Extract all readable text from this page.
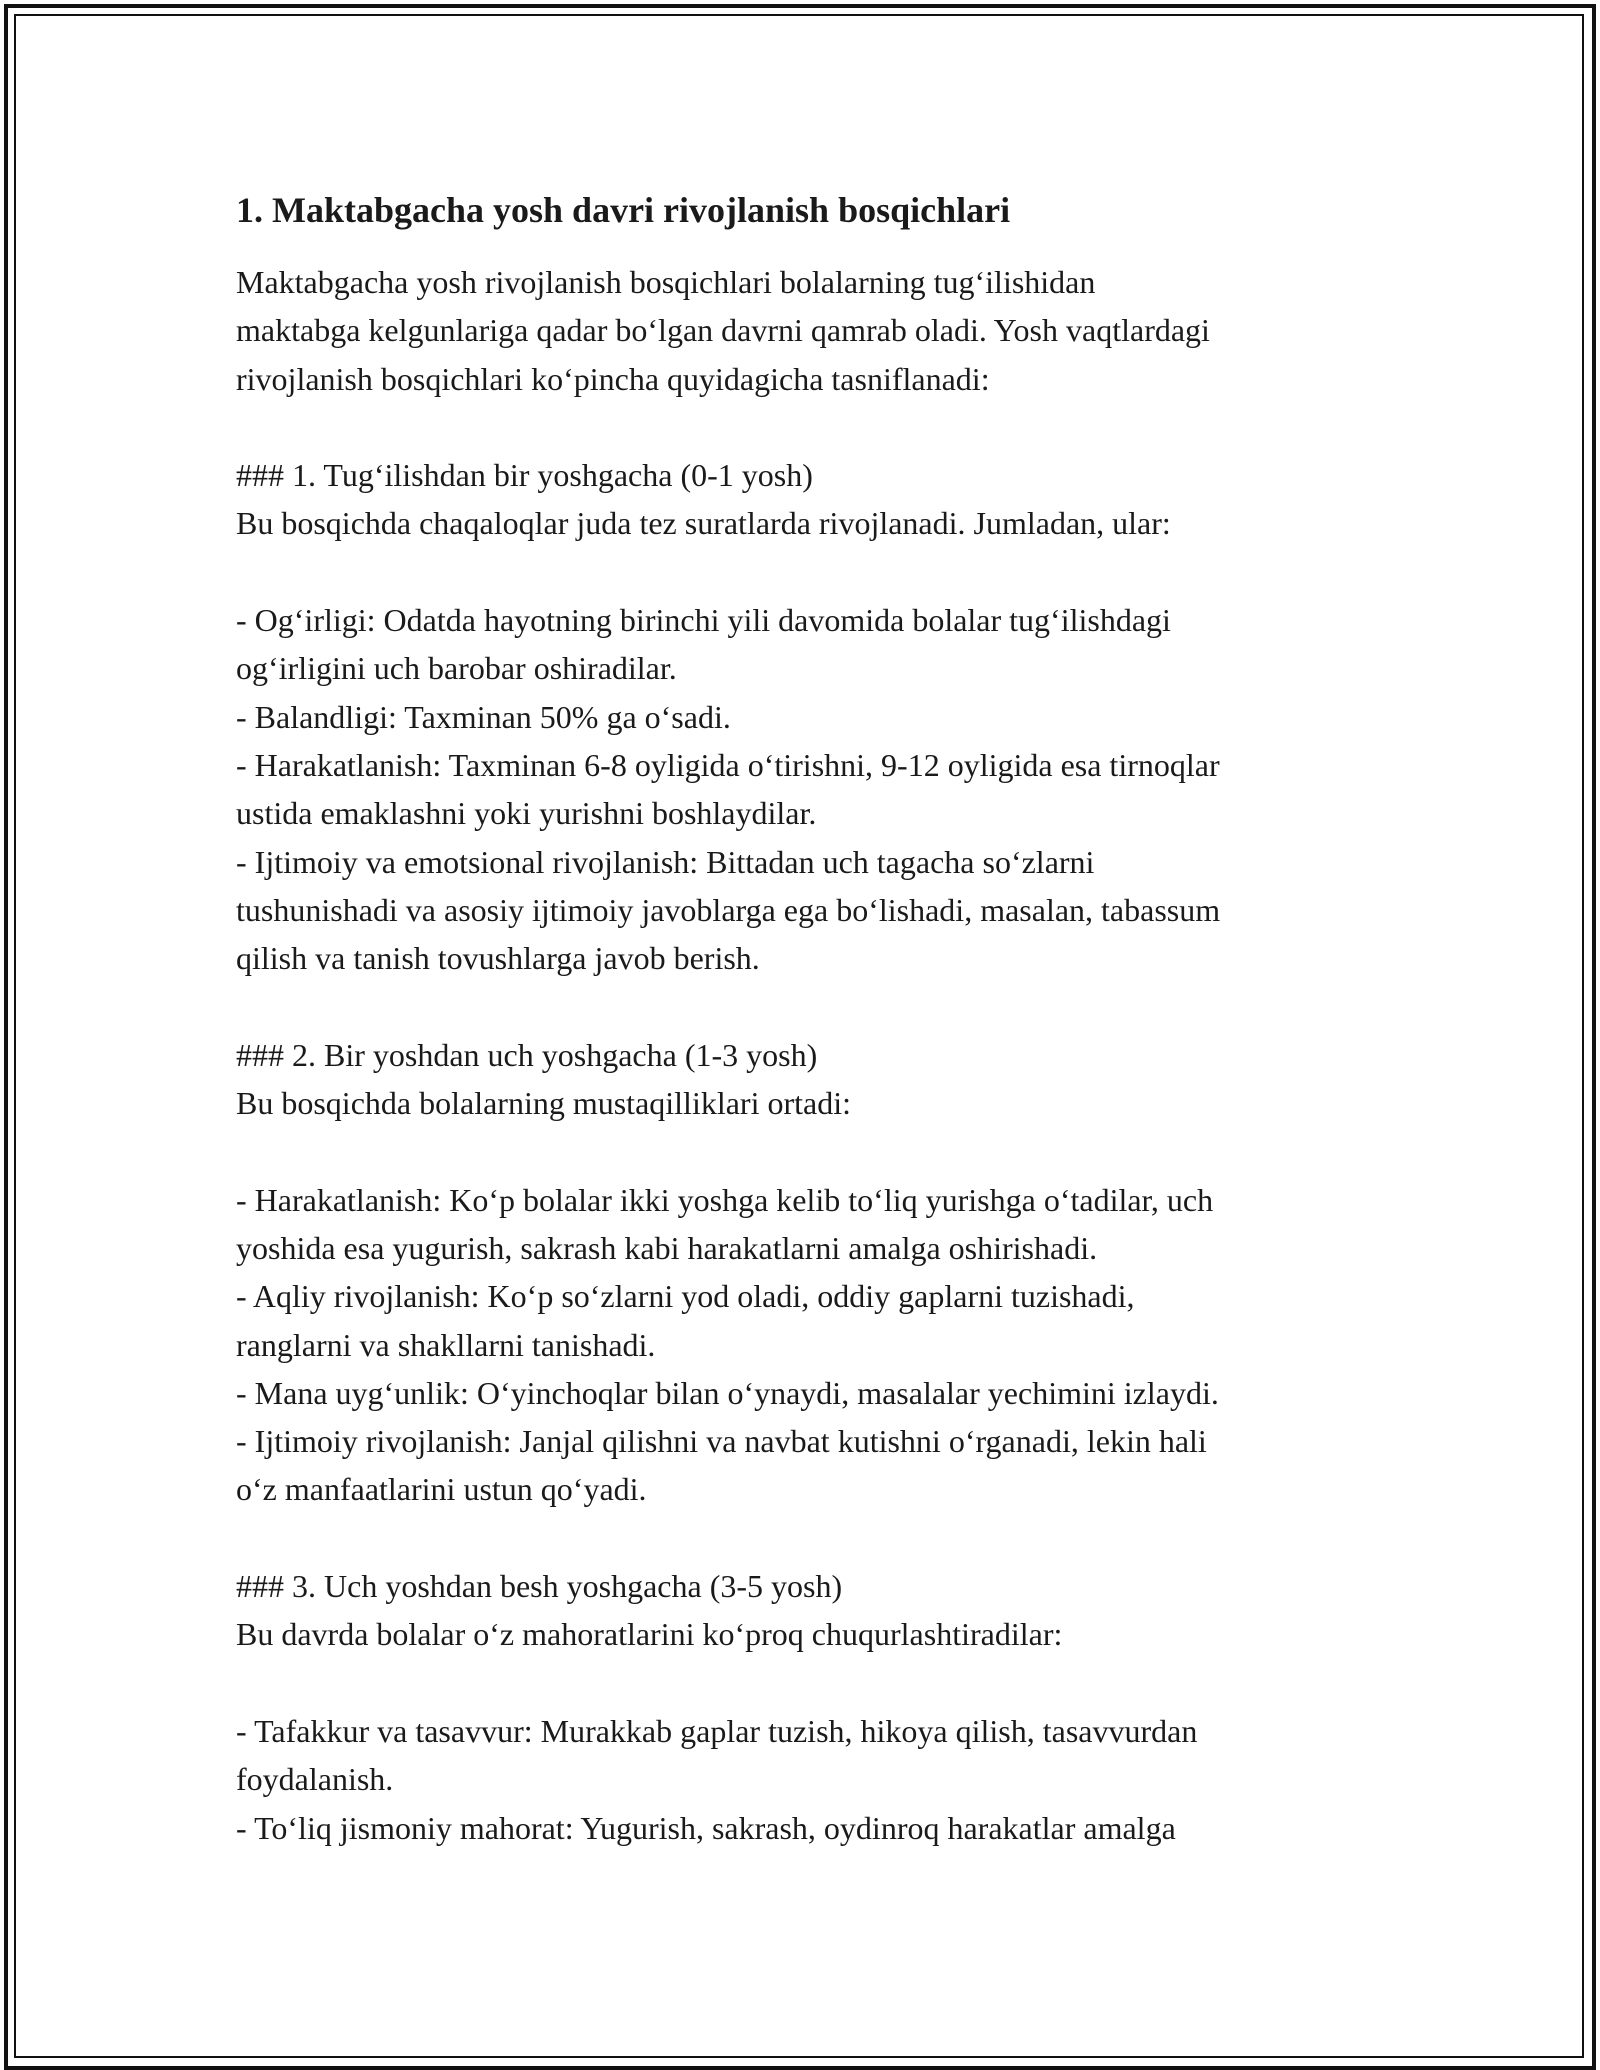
1. Maktabgacha yosh davri rivojlanish bosqichlari
Maktabgacha yosh rivojlanish bosqichlari bolalarning tug‘ilishidan
maktabga kelgunlariga qadar bo‘lgan davrni qamrab oladi. Yosh vaqtlardagi
rivojlanish bosqichlari ko‘pincha quyidagicha tasniflanadi:
### 1. Tug‘ilishdan bir yoshgacha (0-1 yosh)
Bu bosqichda chaqaloqlar juda tez suratlarda rivojlanadi. Jumladan, ular:
- Og‘irligi: Odatda hayotning birinchi yili davomida bolalar tug‘ilishdagi
og‘irligini uch barobar oshiradilar.
- Balandligi: Taxminan 50% ga o‘sadi.
- Harakatlanish: Taxminan 6-8 oyligida o‘tirishni, 9-12 oyligida esa tirnoqlar
ustida emaklashni yoki yurishni boshlaydilar.
- Ijtimoiy va emotsional rivojlanish: Bittadan uch tagacha so‘zlarni
tushunishadi va asosiy ijtimoiy javoblarga ega bo‘lishadi, masalan, tabassum
qilish va tanish tovushlarga javob berish.
### 2. Bir yoshdan uch yoshgacha (1-3 yosh)
Bu bosqichda bolalarning mustaqilliklari ortadi:
- Harakatlanish: Ko‘p bolalar ikki yoshga kelib to‘liq yurishga o‘tadilar, uch
yoshida esa yugurish, sakrash kabi harakatlarni amalga oshirishadi.
- Aqliy rivojlanish: Ko‘p so‘zlarni yod oladi, oddiy gaplarni tuzishadi,
ranglarni va shakllarni tanishadi.
- Mana uyg‘unlik: O‘yinchoqlar bilan o‘ynaydi, masalalar yechimini izlaydi.
- Ijtimoiy rivojlanish: Janjal qilishni va navbat kutishni o‘rganadi, lekin hali
o‘z manfaatlarini ustun qo‘yadi.
### 3. Uch yoshdan besh yoshgacha (3-5 yosh)
Bu davrda bolalar o‘z mahoratlarini ko‘proq chuqurlashtiradilar:
- Tafakkur va tasavvur: Murakkab gaplar tuzish, hikoya qilish, tasavvurdan
foydalanish.
- To‘liq jismoniy mahorat: Yugurish, sakrash, oydinroq harakatlar amalga
